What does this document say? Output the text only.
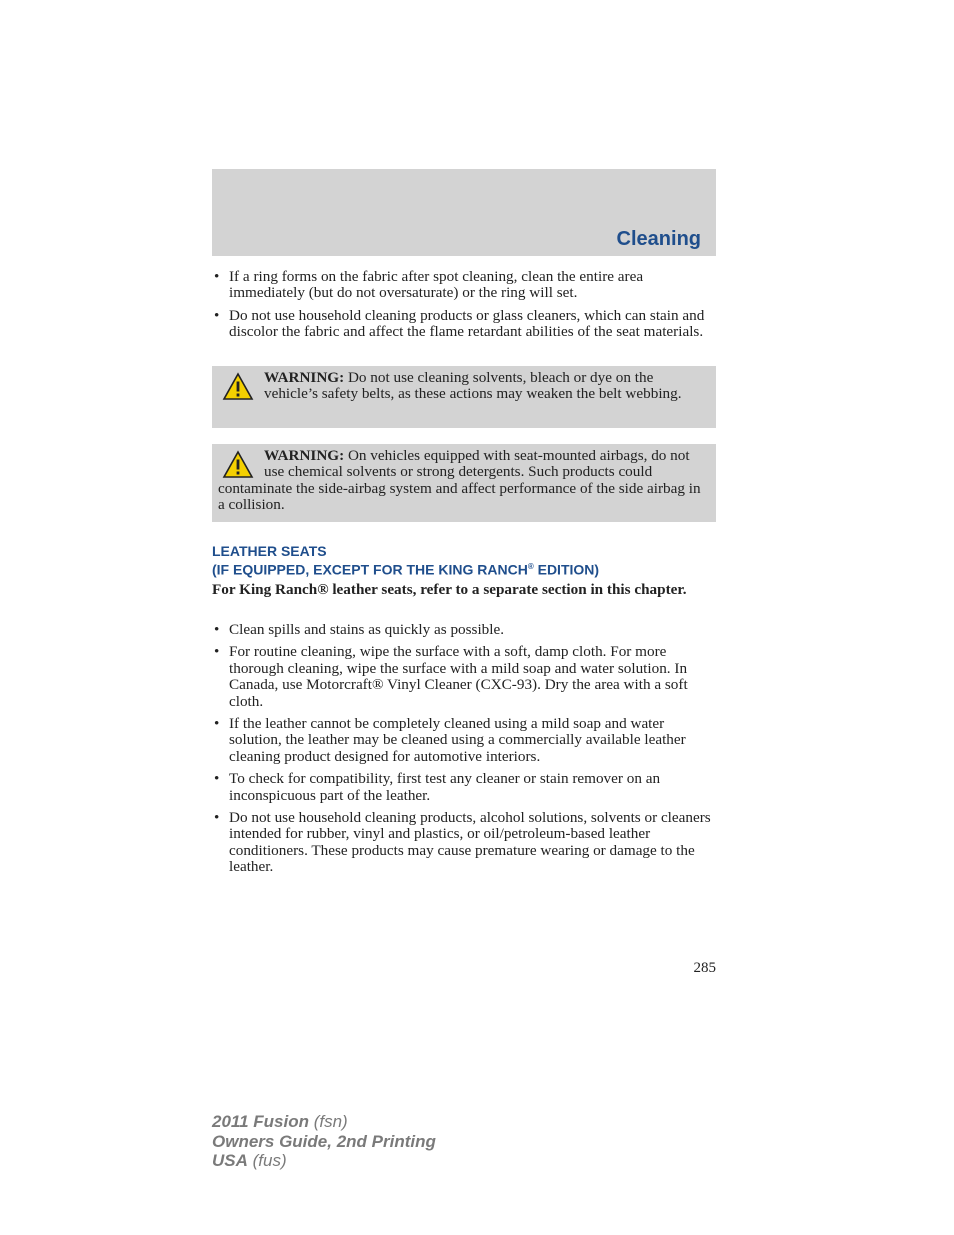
Cleaning
• If a ring forms on the fabric after spot cleaning, clean the entire area immediately (but do not oversaturate) or the ring will set.
• Do not use household cleaning products or glass cleaners, which can stain and discolor the fabric and affect the flame retardant abilities of the seat materials.
WARNING: Do not use cleaning solvents, bleach or dye on the vehicle’s safety belts, as these actions may weaken the belt webbing.
WARNING: On vehicles equipped with seat-mounted airbags, do not use chemical solvents or strong detergents. Such products could contaminate the side-airbag system and affect performance of the side airbag in a collision.
LEATHER SEATS
(IF EQUIPPED, EXCEPT FOR THE KING RANCH® EDITION)
For King Ranch® leather seats, refer to a separate section in this chapter.
• Clean spills and stains as quickly as possible.
• For routine cleaning, wipe the surface with a soft, damp cloth. For more thorough cleaning, wipe the surface with a mild soap and water solution. In Canada, use Motorcraft® Vinyl Cleaner (CXC-93). Dry the area with a soft cloth.
• If the leather cannot be completely cleaned using a mild soap and water solution, the leather may be cleaned using a commercially available leather cleaning product designed for automotive interiors.
• To check for compatibility, first test any cleaner or stain remover on an inconspicuous part of the leather.
• Do not use household cleaning products, alcohol solutions, solvents or cleaners intended for rubber, vinyl and plastics, or oil/petroleum-based leather conditioners. These products may cause premature wearing or damage to the leather.
285
2011 Fusion (fsn)
Owners Guide, 2nd Printing
USA (fus)
